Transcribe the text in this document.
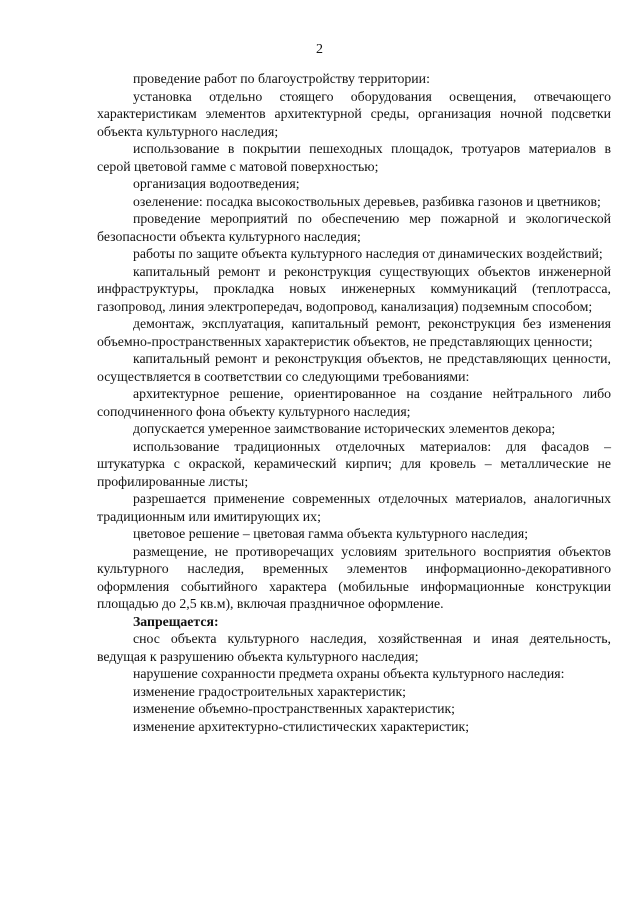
2

проведение работ по благоустройству территории:

установка отдельно стоящего оборудования освещения, отвечающего характеристикам элементов архитектурной среды, организация ночной подсветки объекта культурного наследия;

использование в покрытии пешеходных площадок, тротуаров материалов в серой цветовой гамме с матовой поверхностью;

организация водоотведения;

озеленение: посадка высокоствольных деревьев, разбивка газонов и цветников;

проведение мероприятий по обеспечению мер пожарной и экологической безопасности объекта культурного наследия;

работы по защите объекта культурного наследия от динамических воздействий;

капитальный ремонт и реконструкция существующих объектов инженерной инфраструктуры, прокладка новых инженерных коммуникаций (теплотрасса, газопровод, линия электропередач, водопровод, канализация) подземным способом;

демонтаж, эксплуатация, капитальный ремонт, реконструкция без изменения объемно-пространственных характеристик объектов, не представляющих ценности;

капитальный ремонт и реконструкция объектов, не представляющих ценности, осуществляется в соответствии со следующими требованиями:

архитектурное решение, ориентированное на создание нейтрального либо соподчиненного фона объекту культурного наследия;

допускается умеренное заимствование исторических элементов декора;

использование традиционных отделочных материалов: для фасадов – штукатурка с окраской, керамический кирпич; для кровель – металлические не профилированные листы;

разрешается применение современных отделочных материалов, аналогичных традиционным или имитирующих их;

цветовое решение – цветовая гамма объекта культурного наследия;

размещение, не противоречащих условиям зрительного восприятия объектов культурного наследия, временных элементов информационно-декоративного оформления событийного характера (мобильные информационные конструкции площадью до 2,5 кв.м), включая праздничное оформление.

Запрещается:

снос объекта культурного наследия, хозяйственная и иная деятельность, ведущая к разрушению объекта культурного наследия;

нарушение сохранности предмета охраны объекта культурного наследия:

изменение градостроительных характеристик;

изменение объемно-пространственных характеристик;

изменение архитектурно-стилистических характеристик;
